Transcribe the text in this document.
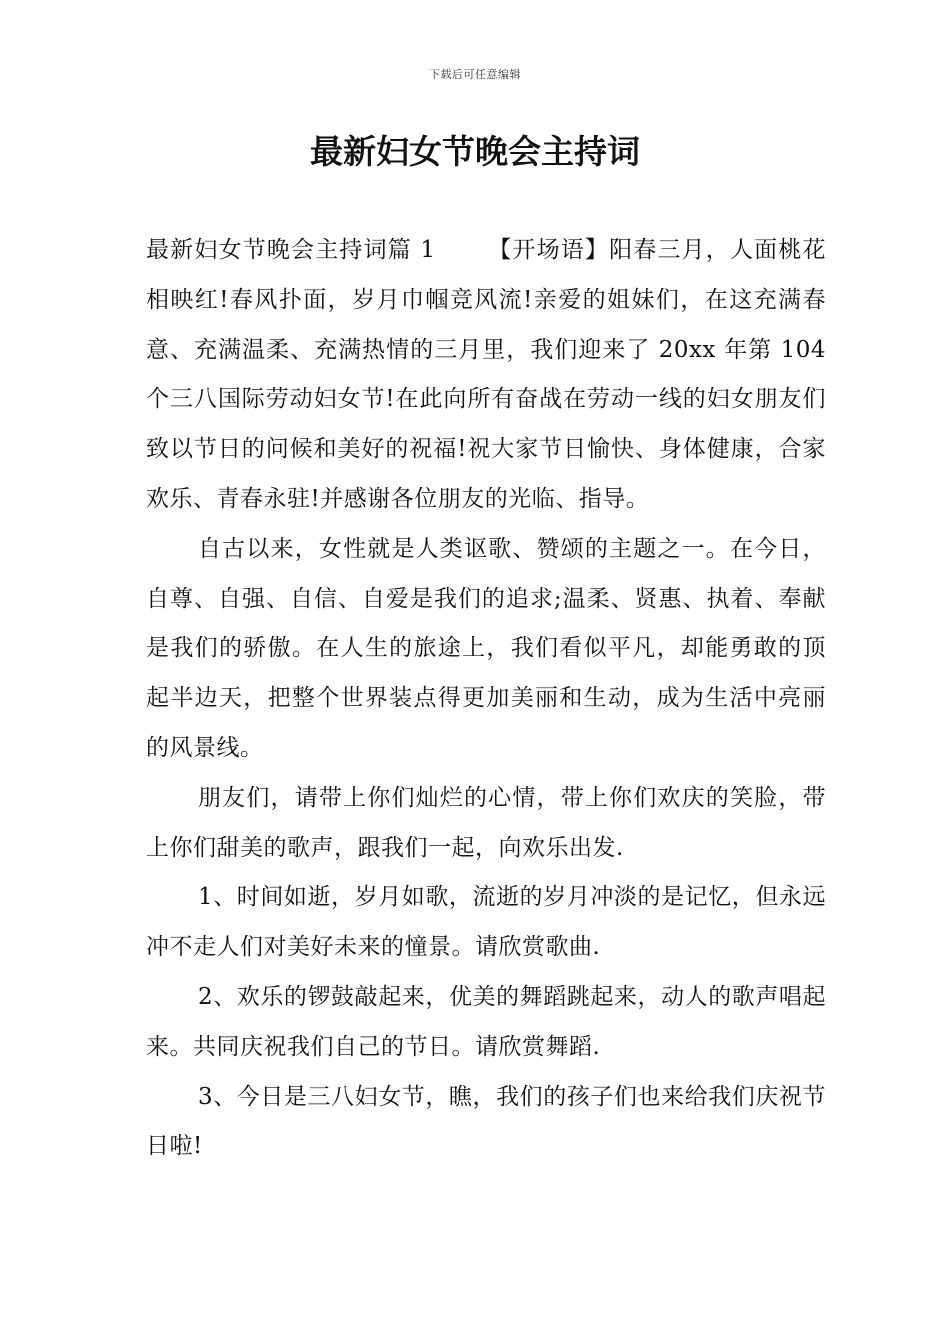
下载后可任意编辑
最新妇女节晚会主持词

最新妇女节晚会主持词篇 1 【开场语】阳春三月，人面桃花相映红!春风扑面，岁月巾帼竞风流!亲爱的姐妹们，在这充满春意、充满温柔、充满热情的三月里，我们迎来了 20xx 年第 104 个三八国际劳动妇女节!在此向所有奋战在劳动一线的妇女朋友们致以节日的问候和美好的祝福!祝大家节日愉快、身体健康，合家欢乐、青春永驻!并感谢各位朋友的光临、指导。

自古以来，女性就是人类讴歌、赞颂的主题之一。在今日，自尊、自强、自信、自爱是我们的追求;温柔、贤惠、执着、奉献是我们的骄傲。在人生的旅途上，我们看似平凡，却能勇敢的顶起半边天，把整个世界装点得更加美丽和生动，成为生活中亮丽的风景线。

朋友们，请带上你们灿烂的心情，带上你们欢庆的笑脸，带上你们甜美的歌声，跟我们一起，向欢乐出发.

1、时间如逝，岁月如歌，流逝的岁月冲淡的是记忆，但永远冲不走人们对美好未来的憧景。请欣赏歌曲.

2、欢乐的锣鼓敲起来，优美的舞蹈跳起来，动人的歌声唱起来。共同庆祝我们自己的节日。请欣赏舞蹈.

3、今日是三八妇女节，瞧，我们的孩子们也来给我们庆祝节日啦!
